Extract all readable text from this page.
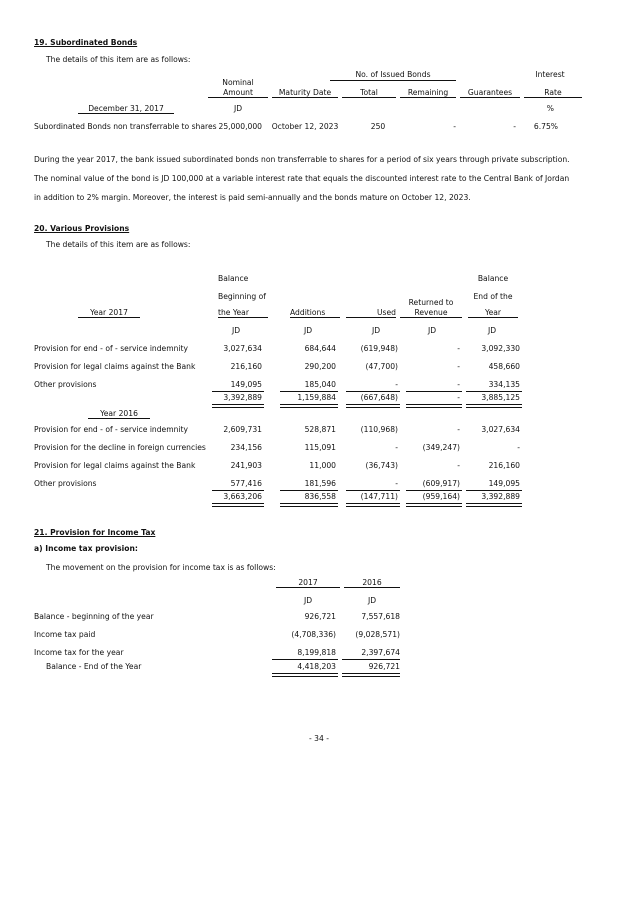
19. Subordinated Bonds
The details of this item are as follows:
No. of Issued Bonds	Interest
Nominal
Amount	Maturity Date	Total	Remaining	Guarantees	Rate
December 31, 2017	JD	%
Subordinated Bonds non transferrable to shares 25,000,000 October 12, 2023	250	-	-	6.75%

During the year 2017, the bank issued subordinated bonds non transferrable to shares for a period of six years through private subscription.

The nominal value of the bond is JD 100,000 at a variable interest rate that equals the discounted interest rate to the Central Bank of Jordan

in addition to 2% margin. Moreover, the interest is paid semi-annually and the bonds mature on October 12, 2023.

20. Various Provisions
The details of this item are as follows:
Balance	Balance
Beginning of	End of the
Returned to
Year 2017	the Year	Additions	Used	Revenue	Year
JD	JD	JD	JD	JD
Provision for end - of - service indemnity	3,027,634	684,644	(619,948)	-	3,092,330
Provision for legal claims against the Bank	216,160	290,200	(47,700)	-	458,660
Other provisions	149,095	185,040	-	-	334,135
3,392,889	1,159,884	(667,648)	-	3,885,125
Year 2016
Provision for end - of - service indemnity	2,609,731	528,871	(110,968)	-	3,027,634
Provision for the decline in foreign currencies	234,156	115,091	-	(349,247)	-
Provision for legal claims against the Bank	241,903	11,000	(36,743)	-	216,160
Other provisions	577,416	181,596	-	(609,917)	149,095
3,663,206	836,558	(147,711)	(959,164)	3,392,889
21. Provision for Income Tax
a) Income tax provision:
The movement on the provision for income tax is as follows:
2017	2016
JD	JD
Balance - beginning of the year	926,721	7,557,618
Income tax paid	(4,708,336)	(9,028,571)
Income tax for the year	8,199,818	2,397,674
Balance - End of the Year	4,418,203	926,721
- 34 -
